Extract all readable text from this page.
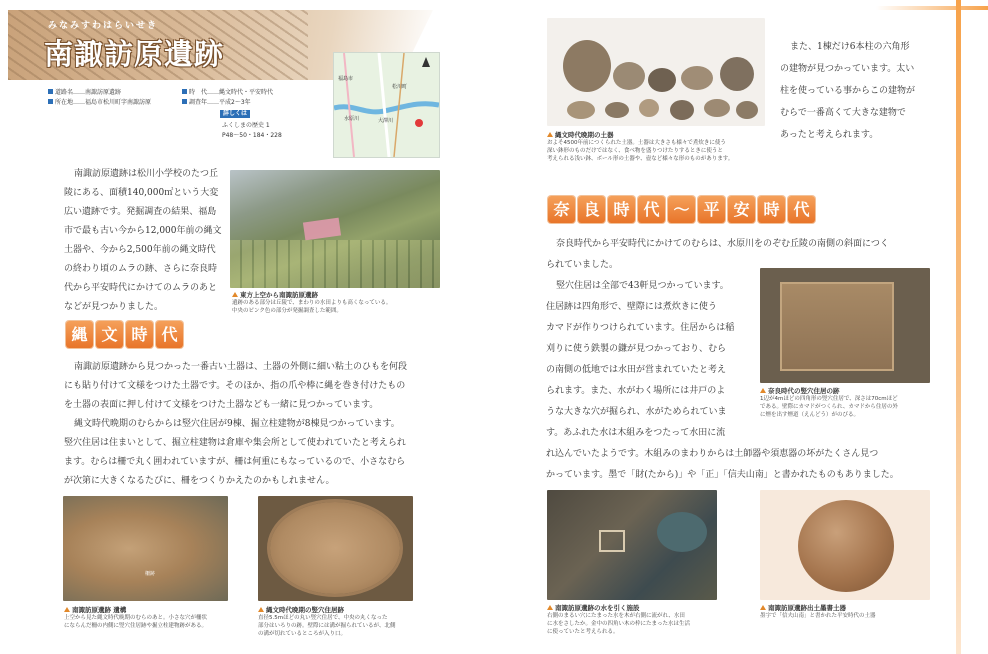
みなみすわはらいせき
南諏訪原遺跡
道路名……南諏訪原遺跡
所在地……福島市松川町字南諏訪原
時　代……縄文時代・平安時代
調査年……平成2～3年
詳しくは
ふくしまの歴史 1
P48～50・184・228
福島市
松川町
大澤川
水原川
南諏訪原遺跡は松川小学校のたつ丘
陵にある、面積140,000㎡という大変
広い遺跡です。発掘調査の結果、福島
市で最も古い今から12,000年前の縄文
土器や、今から2,500年前の縄文時代
の終わり頃のムラの跡、さらに奈良時
代から平安時代にかけてのムラのあと
などが見つかりました。
東方上空から南諏訪原遺跡
遺跡のある部分は丘陵で、まわりの水田よりも高くなっている。
中央のピンク色の部分が発掘調査した範囲。
縄 文 時 代
南諏訪原遺跡から見つかった一番古い土器は、土器の外側に細い粘土のひもを何段
にも貼り付けて文様をつけた土器です。そのほか、指の爪や棒に縄を巻き付けたもの
を土器の表面に押し付けて文様をつけた土器なども一緒に見つかっています。
縄文時代晩期のむらからは竪穴住居が9棟、掘立柱建物が8棟見つかっています。
竪穴住居は住まいとして、掘立柱建物は倉庫や集会所として使われていたと考えられ
ます。むらは柵で丸く囲われていますが、柵は何重にもなっているので、小さなむら
が次第に大きくなるたびに、柵をつくりかえたのかもしれません。
柵跡
南諏訪原遺跡 遺構
上空から見た縄文時代晩期のむらのあと。小さな穴が柵状
にならんだ柵の内側に竪穴住居跡や掘立柱建物跡がある。
縄文時代晩期の竪穴住居跡
直径5.5mほどの丸い竪穴住居で、中央の丸くなった
部分はいろりの跡。壁際には溝が掘られているが、北側
の溝が切れているところが入り口。
縄文時代晩期の土器
およそ4500年前につくられた土器。土器は大きさも様々で煮炊きに使う
深い鉢形のものだけではなく、食べ物を盛りつけたりするときに使うと
考えられる浅い鉢、ボール形の土器や、壺など様々な形のものがあります。
また、1棟だけ6本柱の六角形
の建物が見つかっています。太い
柱を使っている事からこの建物が
むらで一番高くて大きな建物で
あったと考えられます。
奈 良 時 代 ～ 平 安 時 代
奈良時代から平安時代にかけてのむらは、水原川をのぞむ丘陵の南側の斜面につく
られていました。
竪穴住居は全部で43軒見つかっています。
住居跡は四角形で、壁際には煮炊きに使う
カマドが作りつけられています。住居からは稲
刈りに使う鉄製の鎌が見つかっており、むら
の南側の低地では水田が営まれていたと考え
られます。また、水がわく場所には井戸のよ
うな大きな穴が掘られ、水がためられていま
す。あふれた水は木組みをつたって水田に流
れ込んでいたようです。木組みのまわりからは土師器や須恵器の坏がたくさん見つ
かっています。墨で「財(たから)」や「正」「信夫山南」と書かれたものもありました。
奈良時代の竪穴住居の跡
1辺が4mほどの四角形の竪穴住居で、深さは70cmほど
である。壁際にカマドがつくられ、カマドから住居の外
に煙を出す煙道（えんどう）がのびる。
南諏訪原遺跡の水を引く施設
右側のまるい穴にたまった水を木が右側に流がれ、水田
に水をさしたか。金中の四角い木の枠にたまった水は生活
に使っていたと考えられる。
南諏訪原遺跡出土墨書土器
墨字で「信夫山南」と書かれた平安時代の土器
